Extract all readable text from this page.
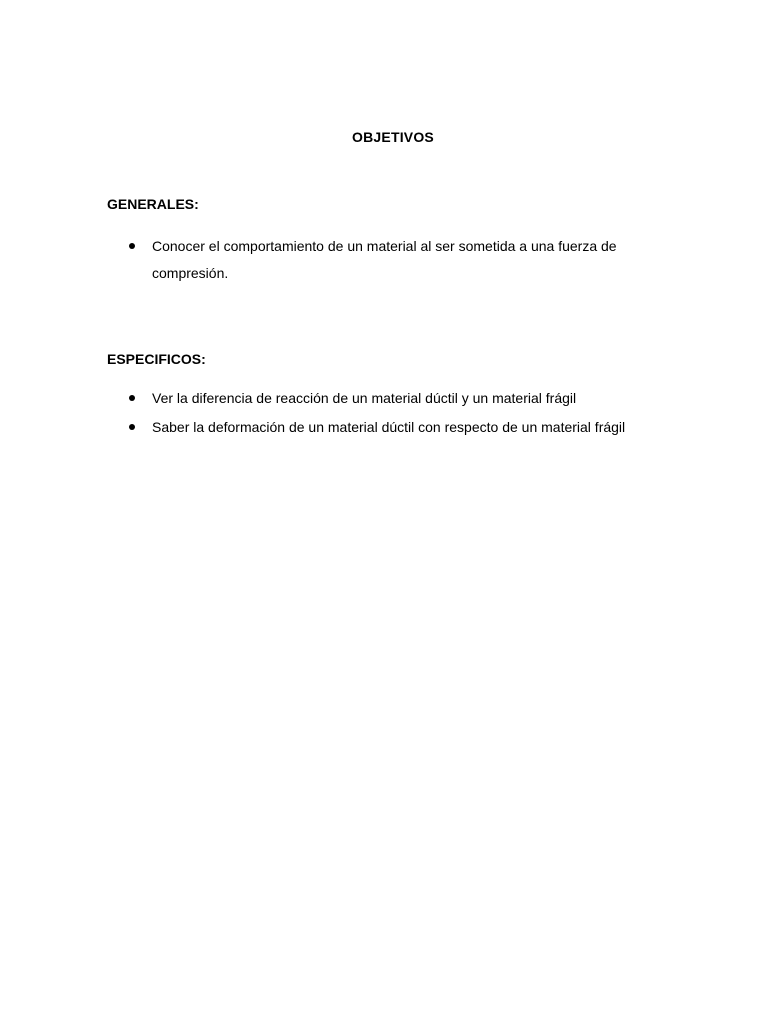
OBJETIVOS
GENERALES:
Conocer el comportamiento de un material al ser sometida a una fuerza de compresión.
ESPECIFICOS:
Ver la diferencia de reacción de un material dúctil y un material frágil
Saber la deformación de un material dúctil con respecto de un material frágil
